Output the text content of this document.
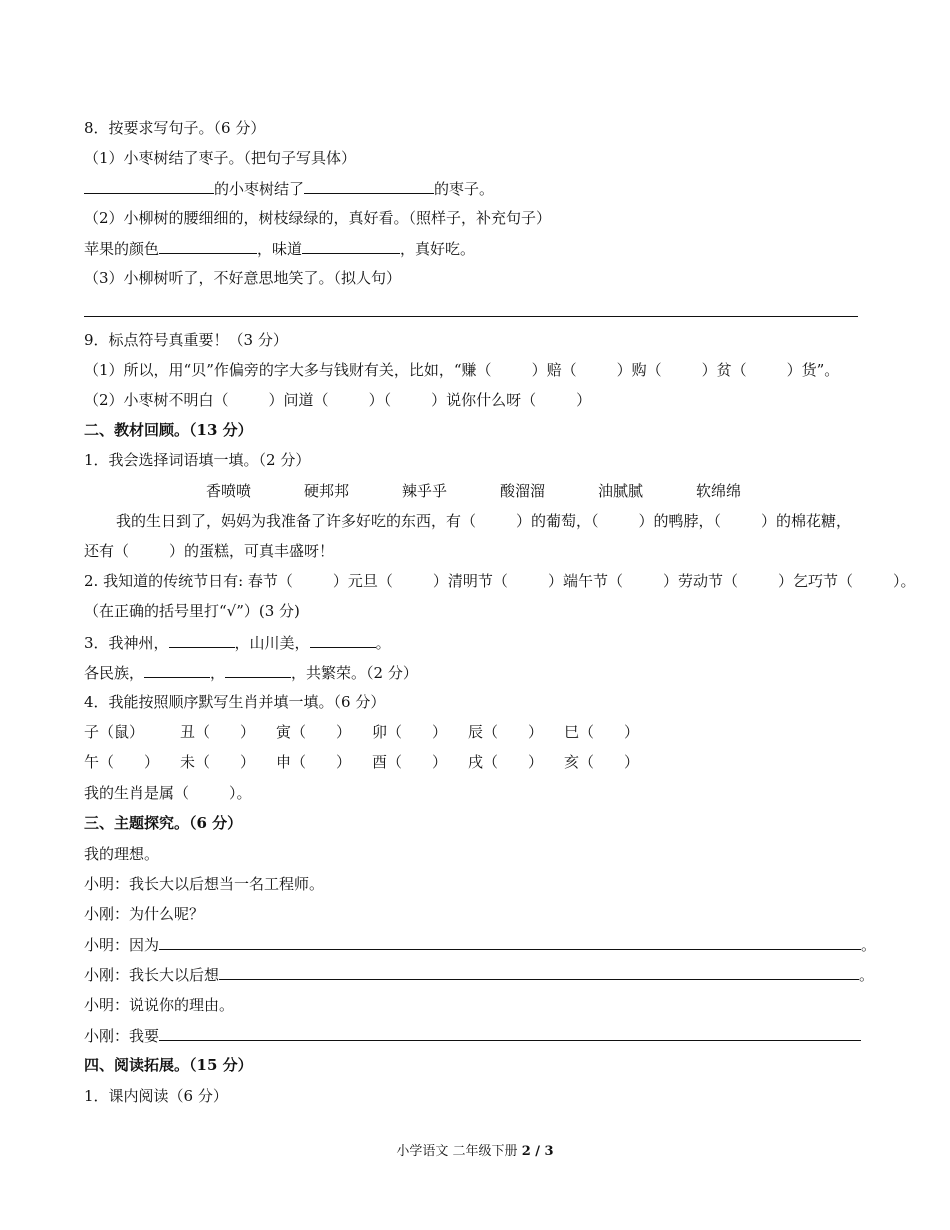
8．按要求写句子。（6 分）
（1）小枣树结了枣子。（把句子写具体）
的小枣树结了	的枣子。
（2）小柳树的腰细细的，树枝绿绿的，真好看。（照样子，补充句子）
苹果的颜色	，味道	，真好吃。
（3）小柳树听了，不好意思地笑了。（拟人句）
9．标点符号真重要！（3 分）
（1）所以，用“贝”作偏旁的字大多与钱财有关，比如，“赚（	）赔（	）购（	）贫（	）货”。
（2）小枣树不明白（	）问道（	）（	）说你什么呀（	）
二、教材回顾。（13 分）
1．我会选择词语填一填。（2 分）
香喷喷	硬邦邦	辣乎乎	酸溜溜	油腻腻	软绵绵
我的生日到了，妈妈为我准备了许多好吃的东西，有（	）的葡萄，（	）的鸭脖，（	）的棉花糖，
还有（	）的蛋糕，可真丰盛呀！
2. 我知道的传统节日有: 春节（	）元旦（	）清明节（	）端午节（	）劳动节（	）乞巧节（	）。
（在正确的括号里打“√”）(3 分)
3．我神州，	，山川美，	。
各民族，	，	，共繁荣。（2 分）
4．我能按照顺序默写生肖并填一填。（6 分）
子（鼠） 丑（　　） 寅（　　） 卯（　　） 辰（　　） 巳（　　）
午（　　） 未（　　） 申（　　） 酉（　　） 戌（　　） 亥（　　）
我的生肖是属（	）。
三、主题探究。（6 分）
我的理想。
小明：我长大以后想当一名工程师。
小刚：为什么呢？
小明：因为	。
小刚：我长大以后想	。
小明：说说你的理由。
小刚：我要
四、阅读拓展。（15 分）
1．课内阅读（6 分）
小学语文 二年级下册 2 / 3
